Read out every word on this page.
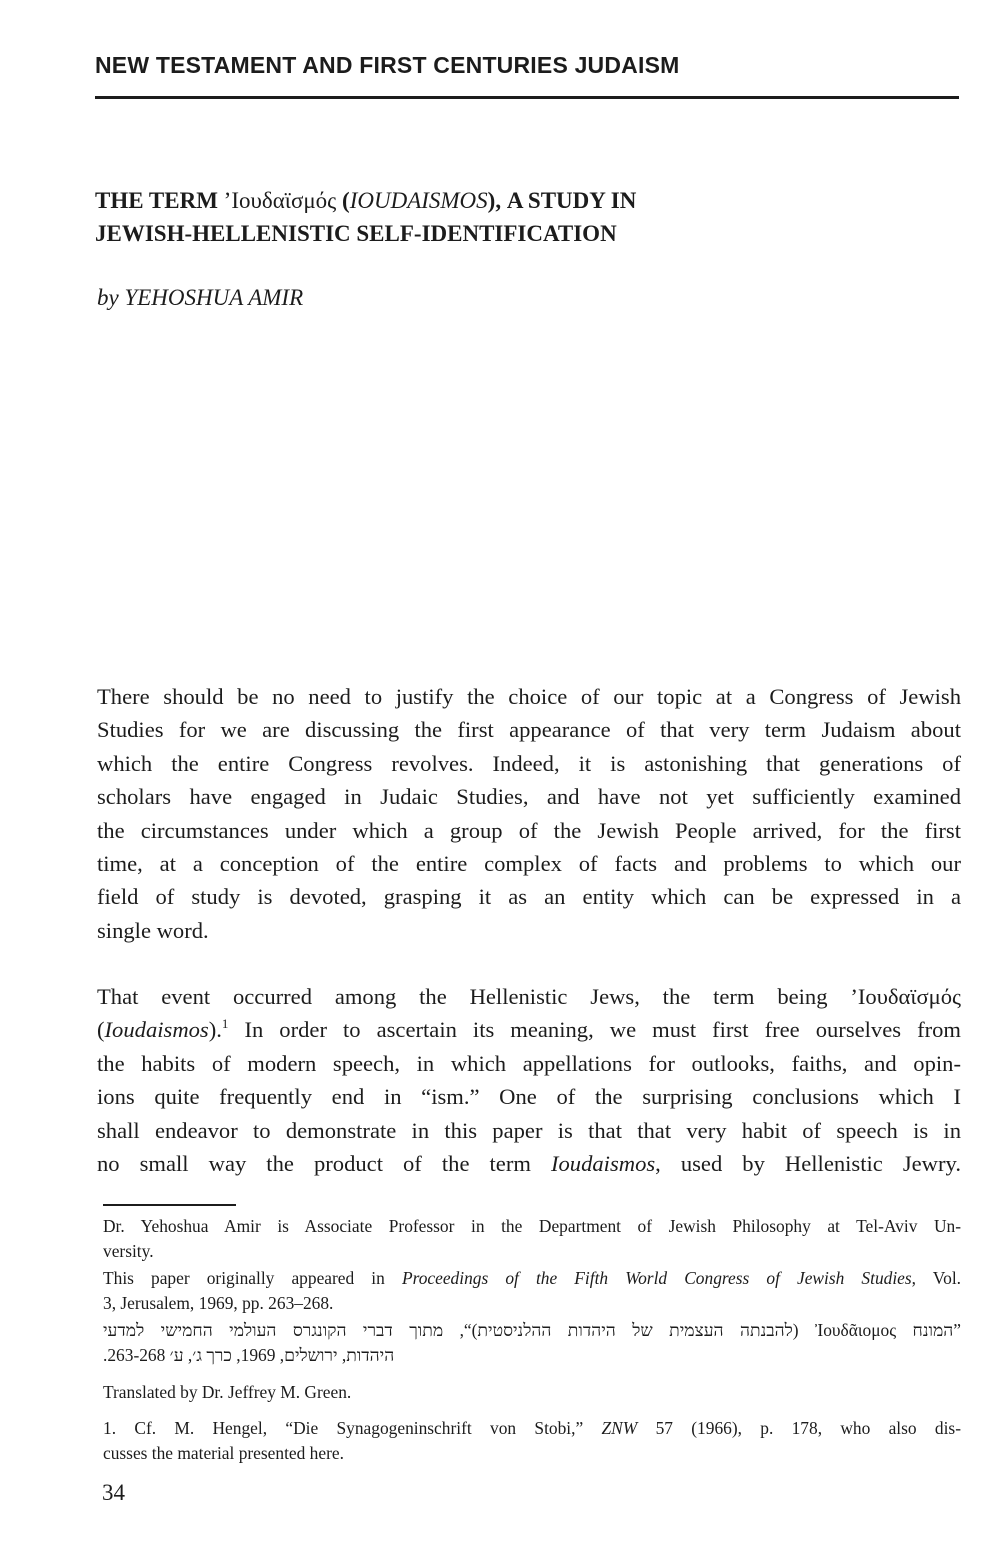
NEW TESTAMENT AND FIRST CENTURIES JUDAISM
THE TERM ’Ιουδαϊσμός (IOUDAISMOS), A STUDY IN
JEWISH-HELLENISTIC SELF-IDENTIFICATION
by YEHOSHUA AMIR
There should be no need to justify the choice of our topic at a Congress of Jewish
Studies for we are discussing the first appearance of that very term Judaism about
which the entire Congress revolves. Indeed, it is astonishing that generations of
scholars have engaged in Judaic Studies, and have not yet sufficiently examined
the circumstances under which a group of the Jewish People arrived, for the first
time, at a conception of the entire complex of facts and problems to which our
field of study is devoted, grasping it as an entity which can be expressed in a
single word.
That event occurred among the Hellenistic Jews, the term being ’Ιουδαϊσμός
(Ioudaismos).$^1$ In order to ascertain its meaning, we must first free ourselves from
the habits of modern speech, in which appellations for outlooks, faiths, and opin-
ions quite frequently end in “ism.” One of the surprising conclusions which I
shall endeavor to demonstrate in this paper is that that very habit of speech is in
no small way the product of the term Ioudaismos, used by Hellenistic Jewry.
Dr. Yehoshua Amir is Associate Professor in the Department of Jewish Philosophy at Tel-Aviv Un-
versity.
This paper originally appeared in Proceedings of the Fifth World Congress of Jewish Studies, Vol.
3, Jerusalem, 1969, pp. 263–268.
”המונח Ἰουδᾶιομος (להבנתה העצמית של היהדות ההלניסטית)“, מתוך דברי הקונגרס העולמי החמישי למדעי
היהדות, ירושלים, 1969, כרך ג׳, ע׳ 263-268.
Translated by Dr. Jeffrey M. Green.
1. Cf. M. Hengel, “Die Synagogeninschrift von Stobi,” ZNW 57 (1966), p. 178, who also dis-
cusses the material presented here.
34
